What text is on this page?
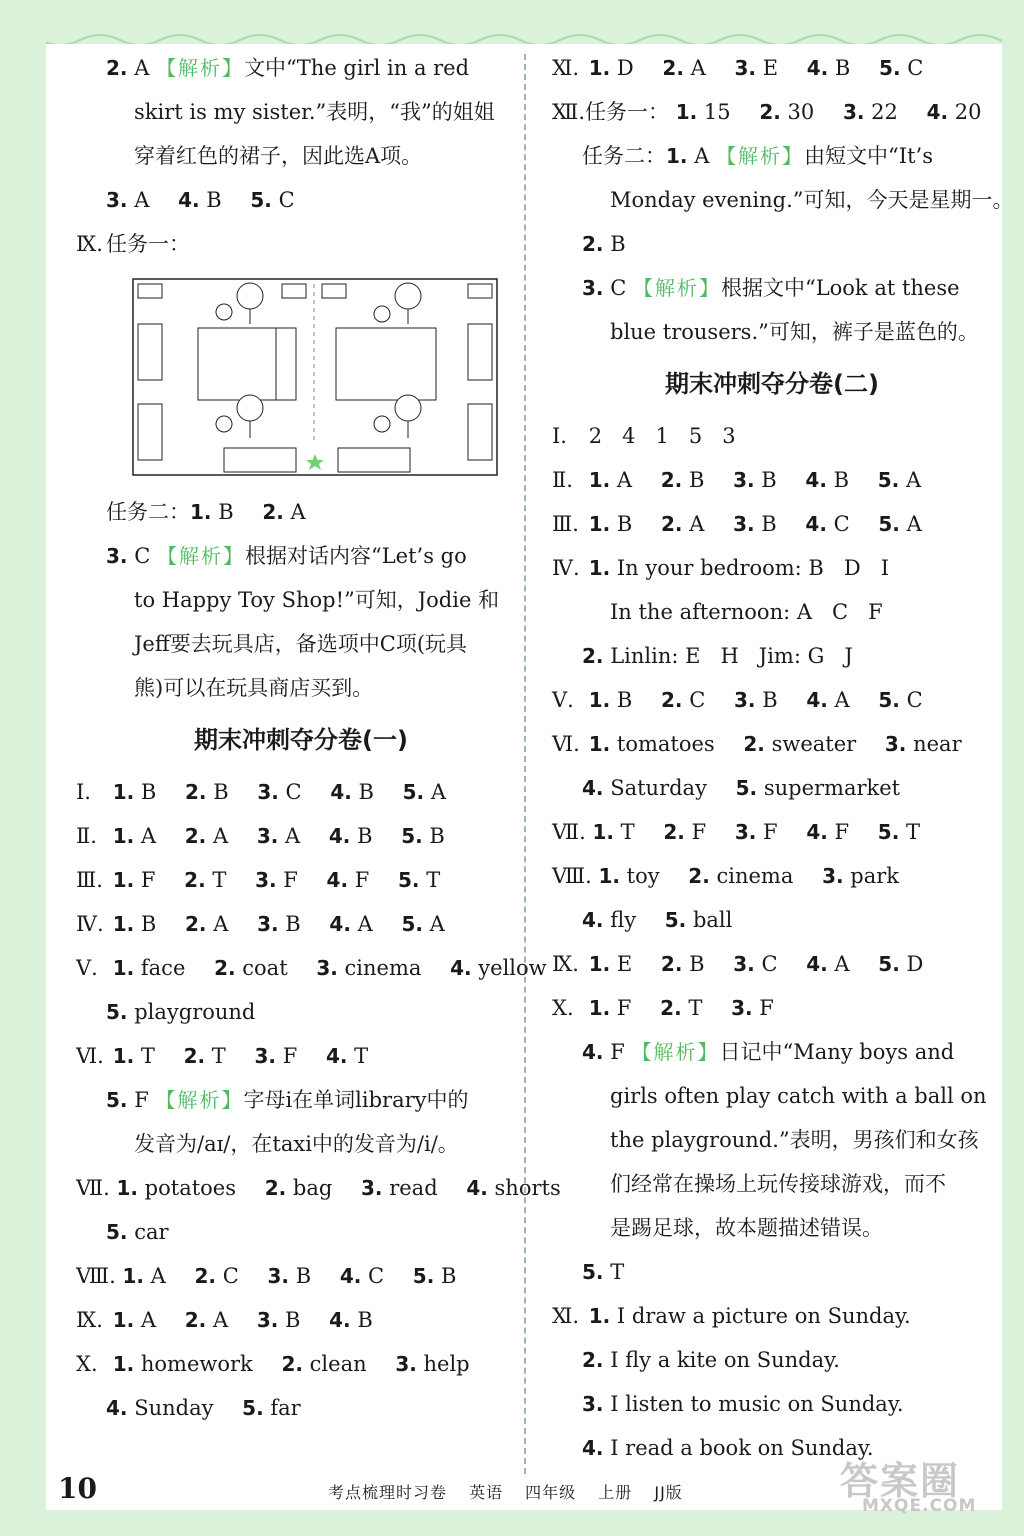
2. A 【解析】文中“The girl in a red
skirt is my sister.”表明，“我”的姐姐
穿着红色的裙子，因此选A项。
3. A 4. B 5. C
Ⅸ. 任务一：
任务二：1. B 2. A
3. C 【解析】根据对话内容“Let’s go
to Happy Toy Shop!”可知，Jodie 和
Jeff要去玩具店，备选项中C项(玩具
熊)可以在玩具商店买到。
期末冲刺夺分卷(一)
Ⅰ. 1. B 2. B 3. C 4. B 5. A
Ⅱ. 1. A 2. A 3. A 4. B 5. B
Ⅲ. 1. F 2. T 3. F 4. F 5. T
Ⅳ. 1. B 2. A 3. B 4. A 5. A
Ⅴ. 1. face 2. coat 3. cinema 4. yellow
5. playground
Ⅵ. 1. T 2. T 3. F 4. T
5. F 【解析】字母i在单词library中的
发音为/aɪ/，在taxi中的发音为/i/。
Ⅶ. 1. potatoes 2. bag 3. read 4. shorts
5. car
Ⅷ. 1. A 2. C 3. B 4. C 5. B
Ⅸ. 1. A 2. A 3. B 4. B
Ⅹ. 1. homework 2. clean 3. help
4. Sunday 5. far
Ⅺ. 1. D 2. A 3. E 4. B 5. C
Ⅻ.任务一： 1. 15 2. 30 3. 22 4. 20
任务二：1. A 【解析】由短文中“It’s
Monday evening.”可知，今天是星期一。
2. B
3. C 【解析】根据文中“Look at these
blue trousers.”可知，裤子是蓝色的。
期末冲刺夺分卷(二)
Ⅰ. 2   4   1   5   3
Ⅱ. 1. A 2. B 3. B 4. B 5. A
Ⅲ. 1. B 2. A 3. B 4. C 5. A
Ⅳ. 1. In your bedroom: B   D   I
In the afternoon: A   C   F
2. Linlin: E   H   Jim: G   J
Ⅴ. 1. B 2. C 3. B 4. A 5. C
Ⅵ. 1. tomatoes 2. sweater 3. near
4. Saturday 5. supermarket
Ⅶ. 1. T 2. F 3. F 4. F 5. T
Ⅷ. 1. toy 2. cinema 3. park
4. fly 5. ball
Ⅸ. 1. E 2. B 3. C 4. A 5. D
Ⅹ. 1. F 2. T 3. F
4. F 【解析】日记中“Many boys and
girls often play catch with a ball on
the playground.”表明，男孩们和女孩
们经常在操场上玩传接球游戏，而不
是踢足球，故本题描述错误。
5. T
Ⅺ. 1. I draw a picture on Sunday.
2. I fly a kite on Sunday.
3. I listen to music on Sunday.
4. I read a book on Sunday.
10	考点梳理时习卷 英语 四年级 上册 JJ版	答案圈
MXQE.COM
